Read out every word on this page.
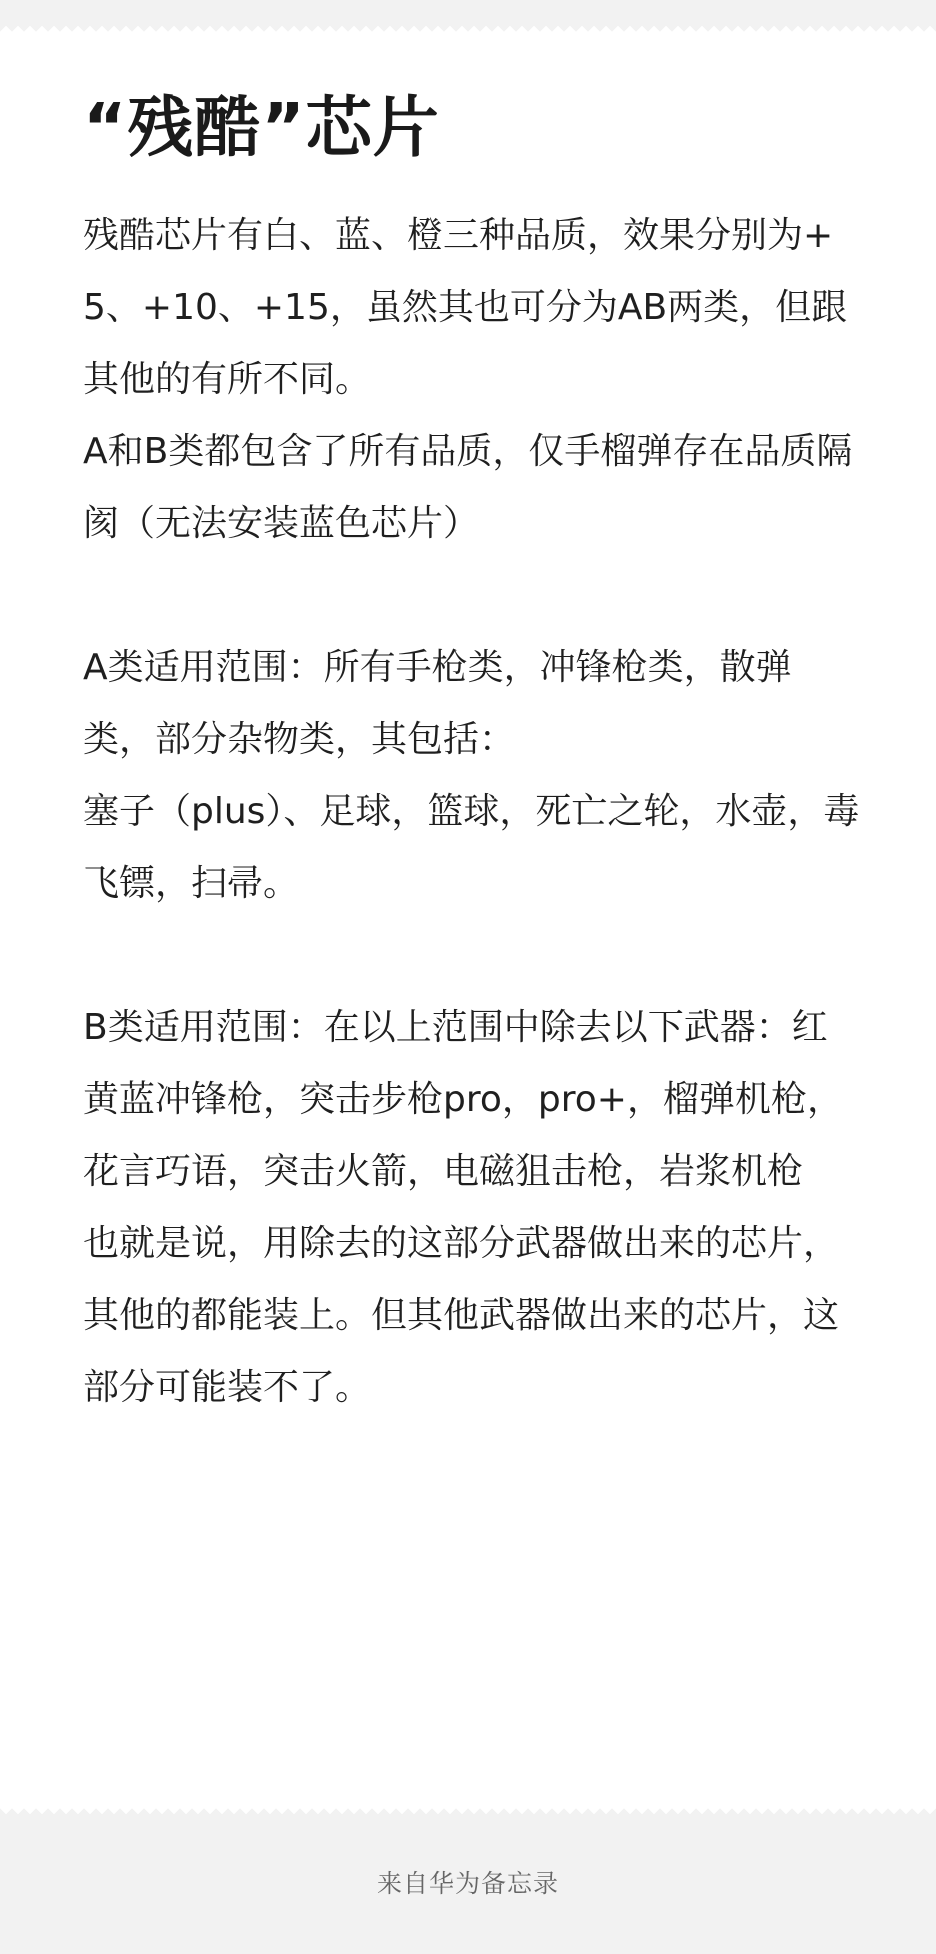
“残酷”芯片

残酷芯片有白、蓝、橙三种品质，效果分别为+5、+10、+15，虽然其也可分为AB两类，但跟其他的有所不同。

A和B类都包含了所有品质，仅手榴弹存在品质隔阂（无法安装蓝色芯片）

A类适用范围：所有手枪类，冲锋枪类，散弹类，部分杂物类，其包括：

塞子（plus）、足球，篮球，死亡之轮，水壶，毒飞镖，扫帚。

B类适用范围：在以上范围中除去以下武器：红黄蓝冲锋枪，突击步枪pro，pro+，榴弹机枪，花言巧语，突击火箭，电磁狙击枪，岩浆机枪

也就是说，用除去的这部分武器做出来的芯片，其他的都能装上。但其他武器做出来的芯片，这部分可能装不了。

来自华为备忘录
